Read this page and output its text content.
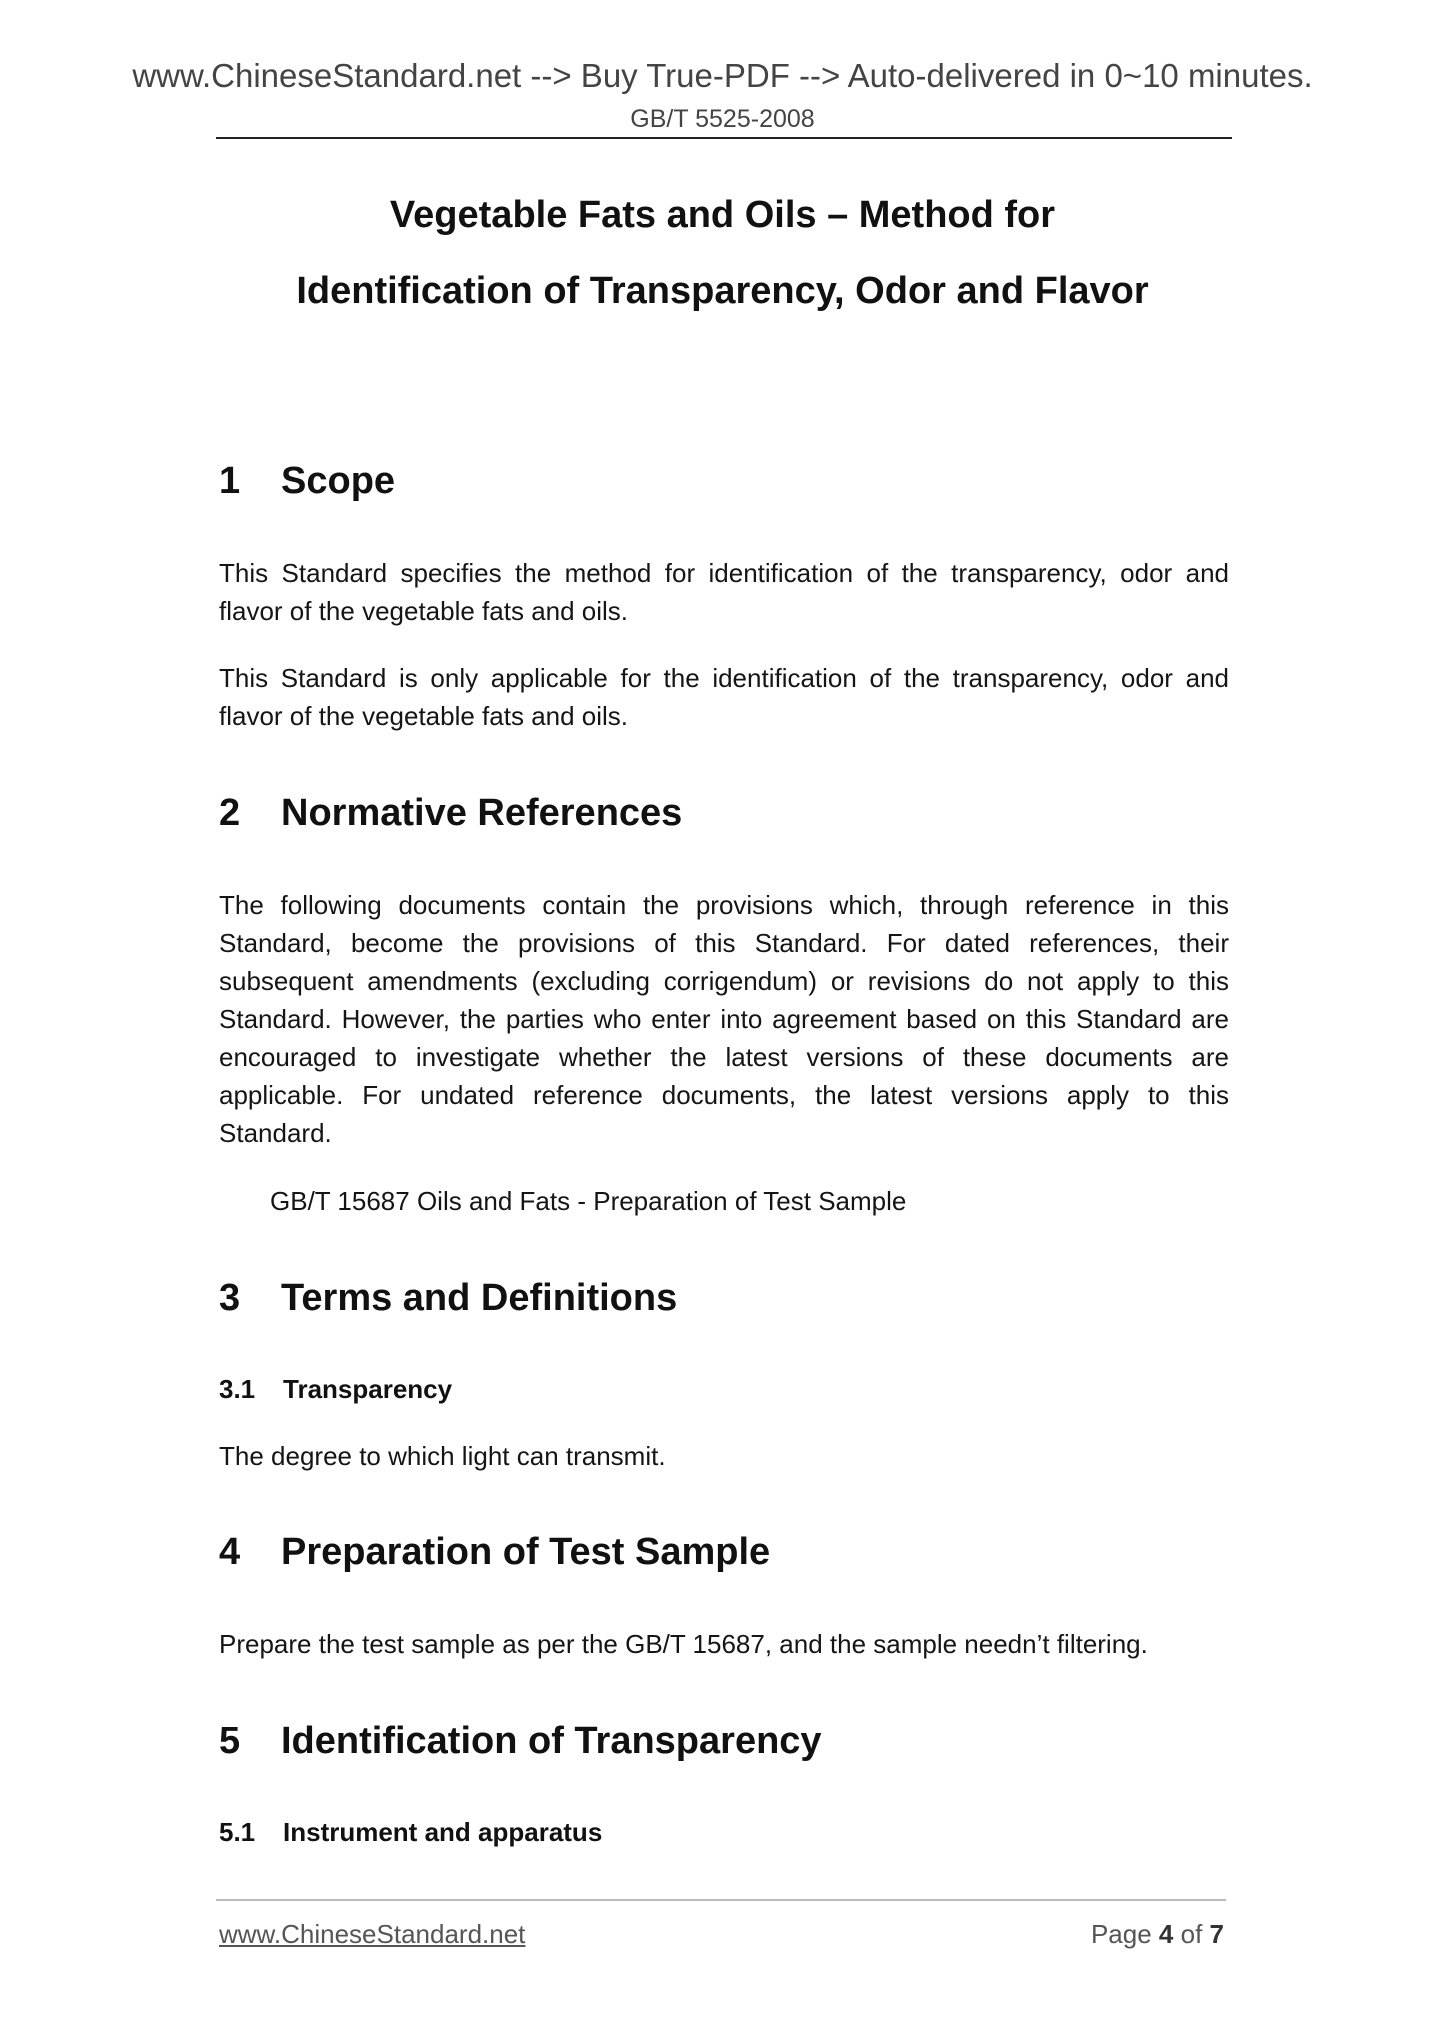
www.ChineseStandard.net --> Buy True-PDF --> Auto-delivered in 0~10 minutes.
GB/T 5525-2008
Vegetable Fats and Oils – Method for
Identification of Transparency, Odor and Flavor
1 Scope
This Standard specifies the method for identification of the transparency, odor and flavor of the vegetable fats and oils.
This Standard is only applicable for the identification of the transparency, odor and flavor of the vegetable fats and oils.
2 Normative References
The following documents contain the provisions which, through reference in this Standard, become the provisions of this Standard. For dated references, their subsequent amendments (excluding corrigendum) or revisions do not apply to this Standard. However, the parties who enter into agreement based on this Standard are encouraged to investigate whether the latest versions of these documents are applicable. For undated reference documents, the latest versions apply to this Standard.
GB/T 15687 Oils and Fats - Preparation of Test Sample
3 Terms and Definitions
3.1 Transparency
The degree to which light can transmit.
4 Preparation of Test Sample
Prepare the test sample as per the GB/T 15687, and the sample needn’t filtering.
5 Identification of Transparency
5.1 Instrument and apparatus
www.ChineseStandard.net	Page 4 of 7
